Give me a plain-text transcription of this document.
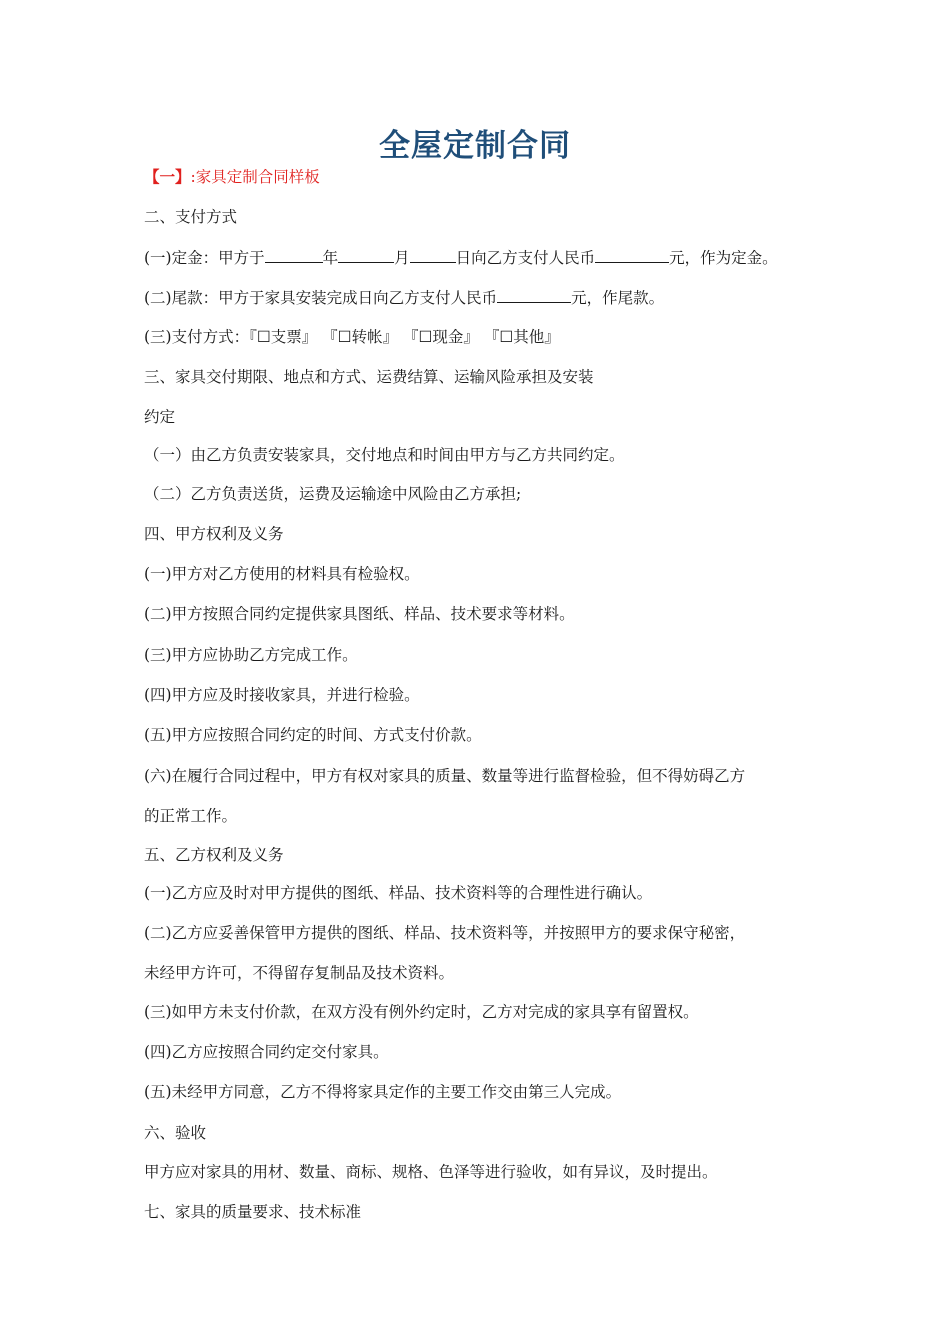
全屋定制合同
【一】:家具定制合同样板
二、支付方式
(一)定金：甲方于	年	月	日向乙方支付人民币	元，作为定金。
(二)尾款：甲方于家具安装完成日向乙方支付人民币	元，作尾款。
(三)支付方式：『☐支票』 『☐转帐』 『☐现金』 『☐其他』
三、家具交付期限、地点和方式、运费结算、运输风险承担及安装
约定
（一）由乙方负责安装家具，交付地点和时间由甲方与乙方共同约定。
（二）乙方负责送货，运费及运输途中风险由乙方承担;
四、甲方权利及义务
(一)甲方对乙方使用的材料具有检验权。
(二)甲方按照合同约定提供家具图纸、样品、技术要求等材料。
(三)甲方应协助乙方完成工作。
(四)甲方应及时接收家具，并进行检验。
(五)甲方应按照合同约定的时间、方式支付价款。
(六)在履行合同过程中，甲方有权对家具的质量、数量等进行监督检验，但不得妨碍乙方
的正常工作。
五、乙方权利及义务
(一)乙方应及时对甲方提供的图纸、样品、技术资料等的合理性进行确认。
(二)乙方应妥善保管甲方提供的图纸、样品、技术资料等，并按照甲方的要求保守秘密，
未经甲方许可，不得留存复制品及技术资料。
(三)如甲方未支付价款，在双方没有例外约定时，乙方对完成的家具享有留置权。
(四)乙方应按照合同约定交付家具。
(五)未经甲方同意，乙方不得将家具定作的主要工作交由第三人完成。
六、验收
甲方应对家具的用材、数量、商标、规格、色泽等进行验收，如有异议，及时提出。
七、家具的质量要求、技术标准
